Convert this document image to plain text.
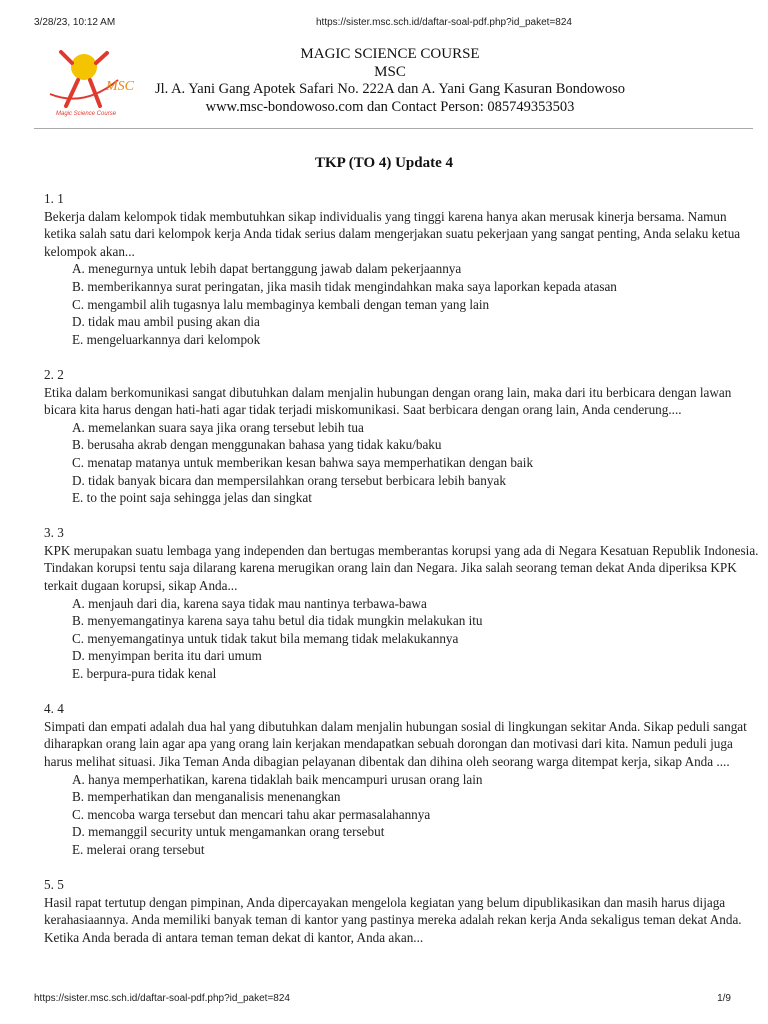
3/28/23, 10:12 AM	https://sister.msc.sch.id/daftar-soal-pdf.php?id_paket=824
MSC
Magic Science Course
MAGIC SCIENCE COURSE
MSC
Jl. A. Yani Gang Apotek Safari No. 222A dan A. Yani Gang Kasuran Bondowoso
www.msc-bondowoso.com dan Contact Person: 085749353503
TKP (TO 4) Update 4
1. 1
Bekerja dalam kelompok tidak membutuhkan sikap individualis yang tinggi karena hanya akan merusak kinerja bersama. Namun ketika salah satu dari kelompok kerja Anda tidak serius dalam mengerjakan suatu pekerjaan yang sangat penting, Anda selaku ketua kelompok akan...
A. menegurnya untuk lebih dapat bertanggung jawab dalam pekerjaannya
B. memberikannya surat peringatan, jika masih tidak mengindahkan maka saya laporkan kepada atasan
C. mengambil alih tugasnya lalu membaginya kembali dengan teman yang lain
D. tidak mau ambil pusing akan dia
E. mengeluarkannya dari kelompok
2. 2
Etika dalam berkomunikasi sangat dibutuhkan dalam menjalin hubungan dengan orang lain, maka dari itu berbicara dengan lawan bicara kita harus dengan hati-hati agar tidak terjadi miskomunikasi. Saat berbicara dengan orang lain, Anda cenderung....
A. memelankan suara saya jika orang tersebut lebih tua
B. berusaha akrab dengan menggunakan bahasa yang tidak kaku/baku
C. menatap matanya untuk memberikan kesan bahwa saya memperhatikan dengan baik
D. tidak banyak bicara dan mempersilahkan orang tersebut berbicara lebih banyak
E. to the point saja sehingga jelas dan singkat
3. 3
KPK merupakan suatu lembaga yang independen dan bertugas memberantas korupsi yang ada di Negara Kesatuan Republik Indonesia. Tindakan korupsi tentu saja dilarang karena merugikan orang lain dan Negara. Jika salah seorang teman dekat Anda diperiksa KPK terkait dugaan korupsi, sikap Anda...
A. menjauh dari dia, karena saya tidak mau nantinya terbawa-bawa
B. menyemangatinya karena saya tahu betul dia tidak mungkin melakukan itu
C. menyemangatinya untuk tidak takut bila memang tidak melakukannya
D. menyimpan berita itu dari umum
E. berpura-pura tidak kenal
4. 4
Simpati dan empati adalah dua hal yang dibutuhkan dalam menjalin hubungan sosial di lingkungan sekitar Anda. Sikap peduli sangat diharapkan orang lain agar apa yang orang lain kerjakan mendapatkan sebuah dorongan dan motivasi dari kita. Namun peduli juga harus melihat situasi. Jika Teman Anda dibagian pelayanan dibentak dan dihina oleh seorang warga ditempat kerja, sikap Anda ....
A. hanya memperhatikan, karena tidaklah baik mencampuri urusan orang lain
B. memperhatikan dan menganalisis menenangkan
C. mencoba warga tersebut dan mencari tahu akar permasalahannya
D. memanggil security untuk mengamankan orang tersebut
E. melerai orang tersebut
5. 5
Hasil rapat tertutup dengan pimpinan, Anda dipercayakan mengelola kegiatan yang belum dipublikasikan dan masih harus dijaga kerahasiaannya. Anda memiliki banyak teman di kantor yang pastinya mereka adalah rekan kerja Anda sekaligus teman dekat Anda. Ketika Anda berada di antara teman teman dekat di kantor, Anda akan...
https://sister.msc.sch.id/daftar-soal-pdf.php?id_paket=824	1/9
